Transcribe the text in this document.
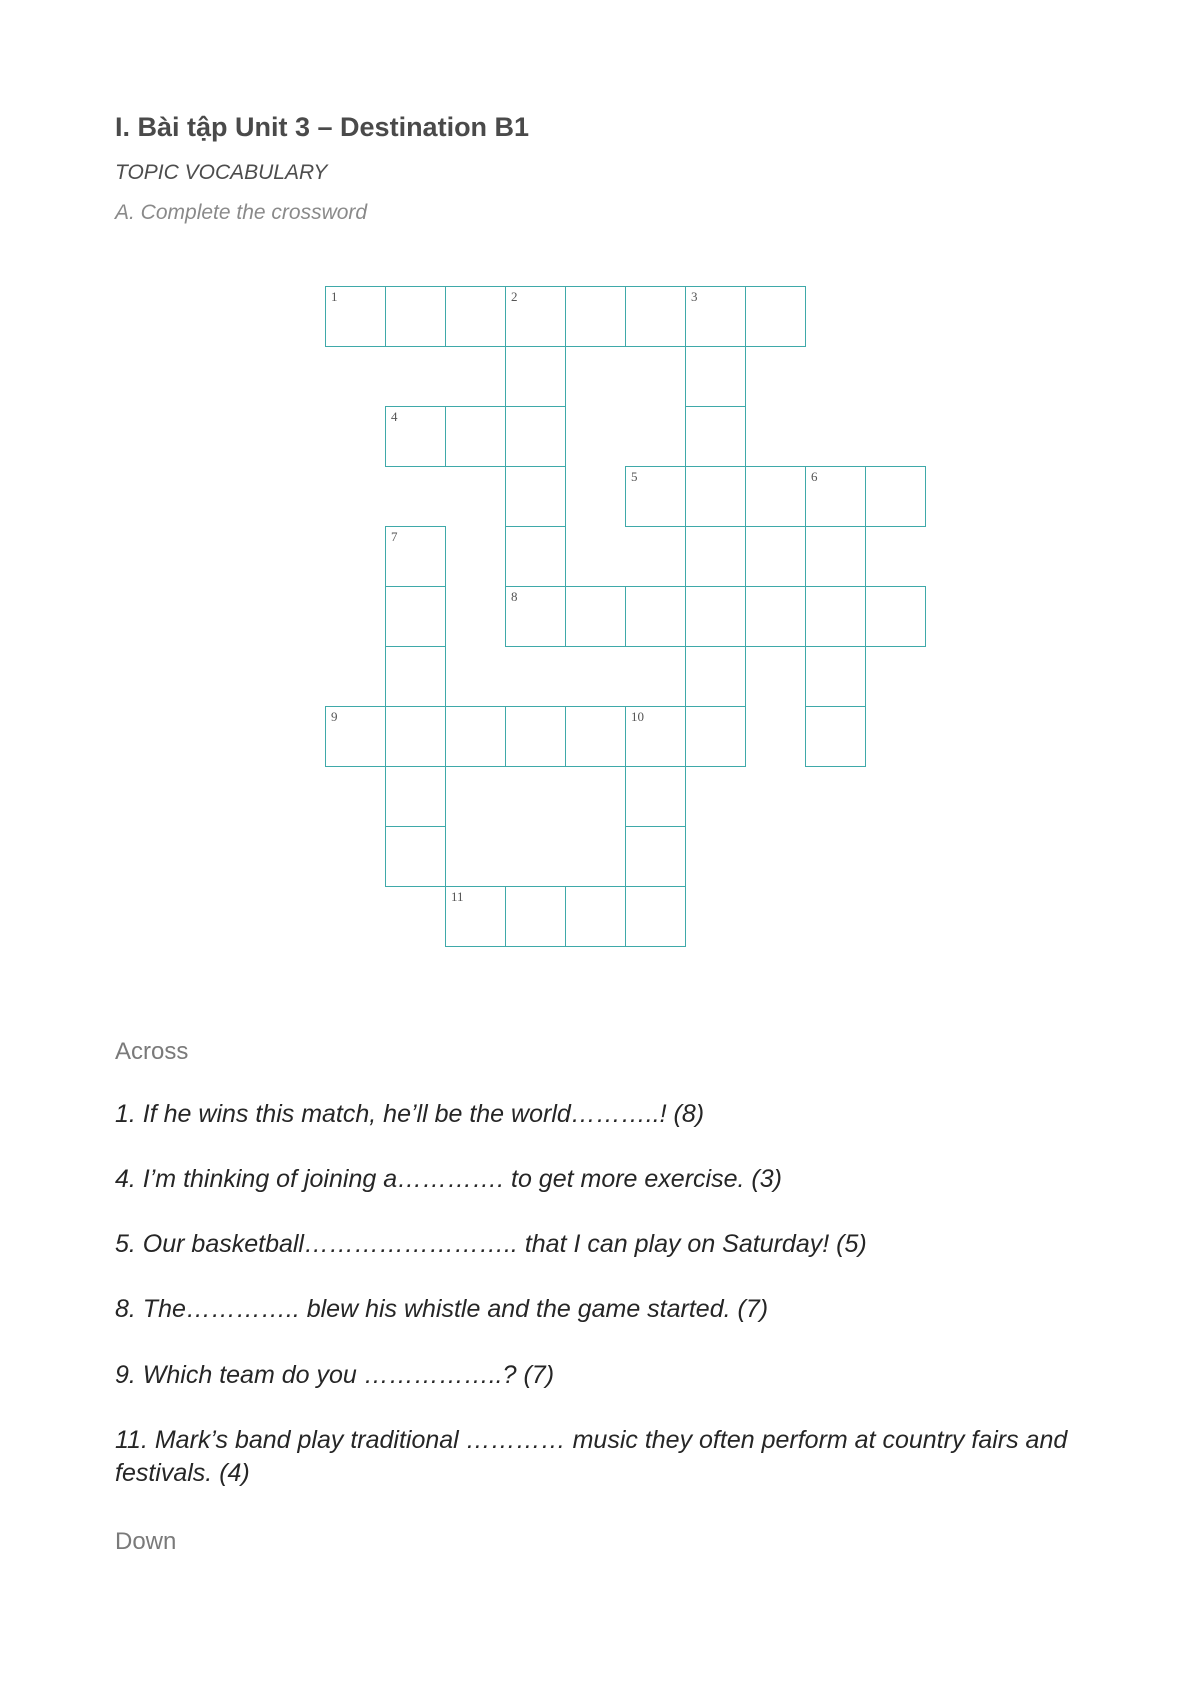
I. Bài tập Unit 3 – Destination B1
TOPIC VOCABULARY
A. Complete the crossword
1	2	3
4
5	6
7
8
9	10
11
Across
1. If he wins this match, he’ll be the world………..! (8)
4. I’m thinking of joining a…………. to get more exercise. (3)
5. Our basketball…………………….. that I can play on Saturday! (5)
8. The………….. blew his whistle and the game started. (7)
9. Which team do you ……………..? (7)
11. Mark’s band play traditional ………… music they often perform at country fairs and festivals. (4)
Down
